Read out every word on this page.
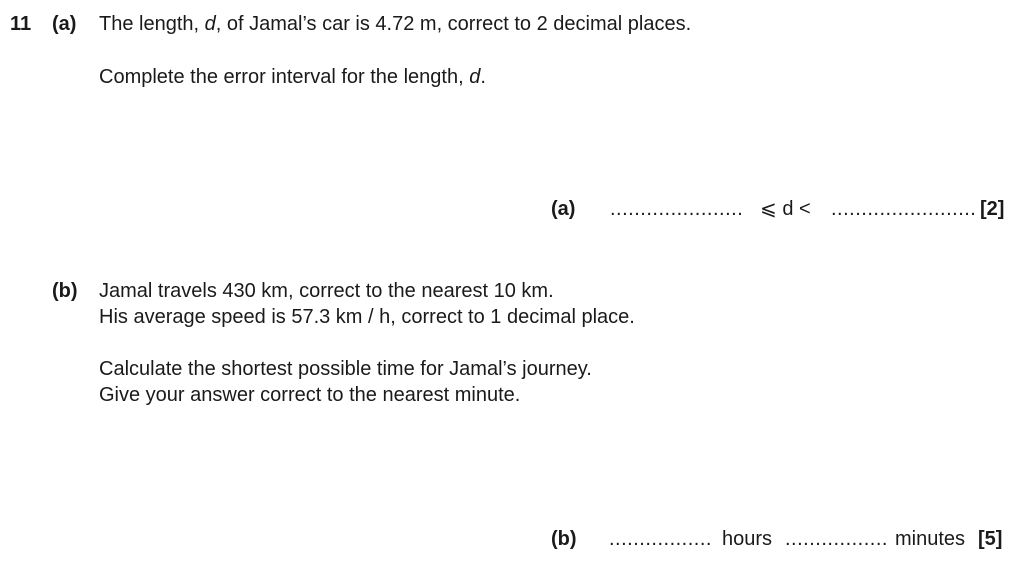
11 (a) The length, d, of Jamal’s car is 4.72 m, correct to 2 decimal places.
Complete the error interval for the length, d.
(a) ...................... ⩽ d < ........................ [2]
(b) Jamal travels 430 km, correct to the nearest 10 km.
His average speed is 57.3 km / h, correct to 1 decimal place.
Calculate the shortest possible time for Jamal’s journey.
Give your answer correct to the nearest minute.
(b) ................. hours ................. minutes [5]
